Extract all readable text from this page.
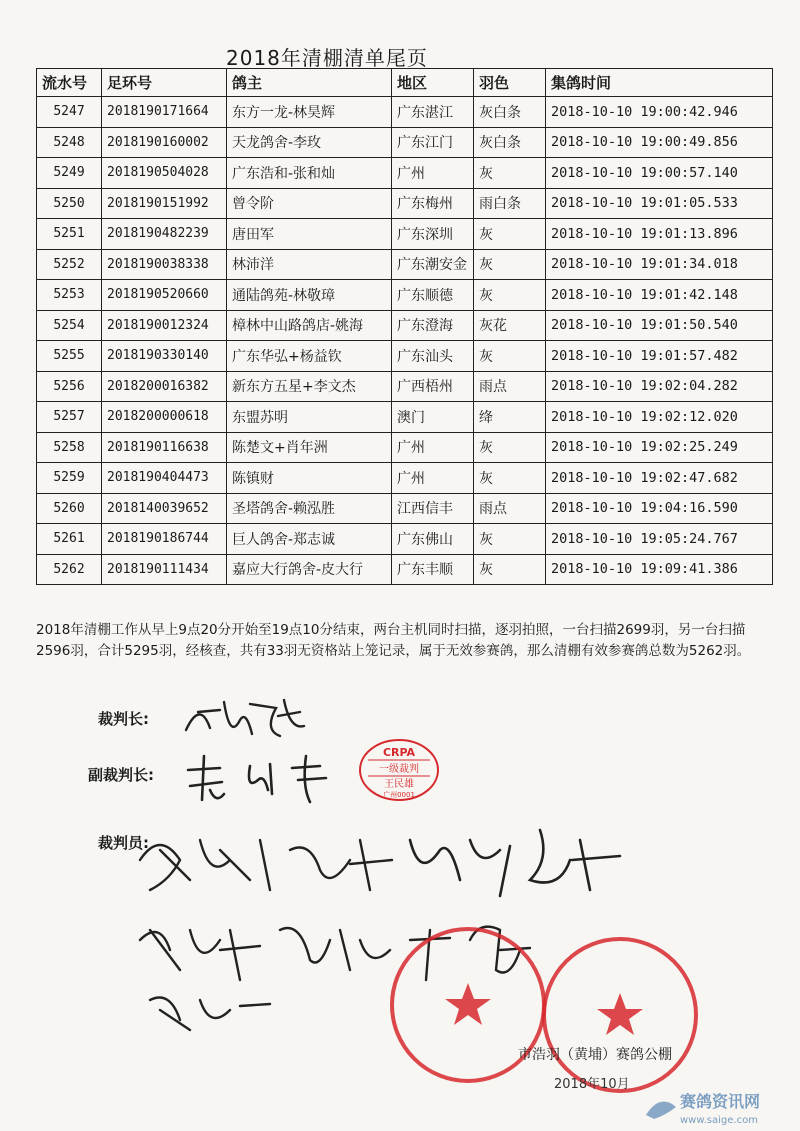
2018年清棚清单尾页
流水号	足环号	鸽主	地区	羽色	集鸽时间
5247	2018190171664	东方一龙-林昊辉	广东湛江	灰白条	2018-10-10 19:00:42.946
5248	2018190160002	天龙鸽舍-李玫	广东江门	灰白条	2018-10-10 19:00:49.856
5249	2018190504028	广东浩和-张和灿	广州	灰	2018-10-10 19:00:57.140
5250	2018190151992	曾令阶	广东梅州	雨白条	2018-10-10 19:01:05.533
5251	2018190482239	唐田军	广东深圳	灰	2018-10-10 19:01:13.896
5252	2018190038338	林沛洋	广东潮安金	灰	2018-10-10 19:01:34.018
5253	2018190520660	通陆鸽苑-林敬璋	广东顺德	灰	2018-10-10 19:01:42.148
5254	2018190012324	樟林中山路鸽店-姚海	广东澄海	灰花	2018-10-10 19:01:50.540
5255	2018190330140	广东华弘+杨益钦	广东汕头	灰	2018-10-10 19:01:57.482
5256	2018200016382	新东方五星+李文杰	广西梧州	雨点	2018-10-10 19:02:04.282
5257	2018200000618	东盟苏明	澳门	绛	2018-10-10 19:02:12.020
5258	2018190116638	陈楚文+肖年洲	广州	灰	2018-10-10 19:02:25.249
5259	2018190404473	陈镇财	广州	灰	2018-10-10 19:02:47.682
5260	2018140039652	圣塔鸽舍-赖泓胜	江西信丰	雨点	2018-10-10 19:04:16.590
5261	2018190186744	巨人鸽舍-郑志诚	广东佛山	灰	2018-10-10 19:05:24.767
5262	2018190111434	嘉应大行鸽舍-皮大行	广东丰顺	灰	2018-10-10 19:09:41.386
2018年清棚工作从早上9点20分开始至19点10分结束，两台主机同时扫描，逐羽拍照，一台扫描2699羽，另一台扫描2596羽，合计5295羽，经核查，共有33羽无资格站上笼记录，属于无效参赛鸽，那么清棚有效参赛鸽总数为5262羽。
裁判长:
副裁判长:
裁判员:
CRPA
一级裁判
王民雄
广州0001
市浩羽（黄埔）赛鸽公棚
2018年10月
赛鸽资讯网
www.saige.com
